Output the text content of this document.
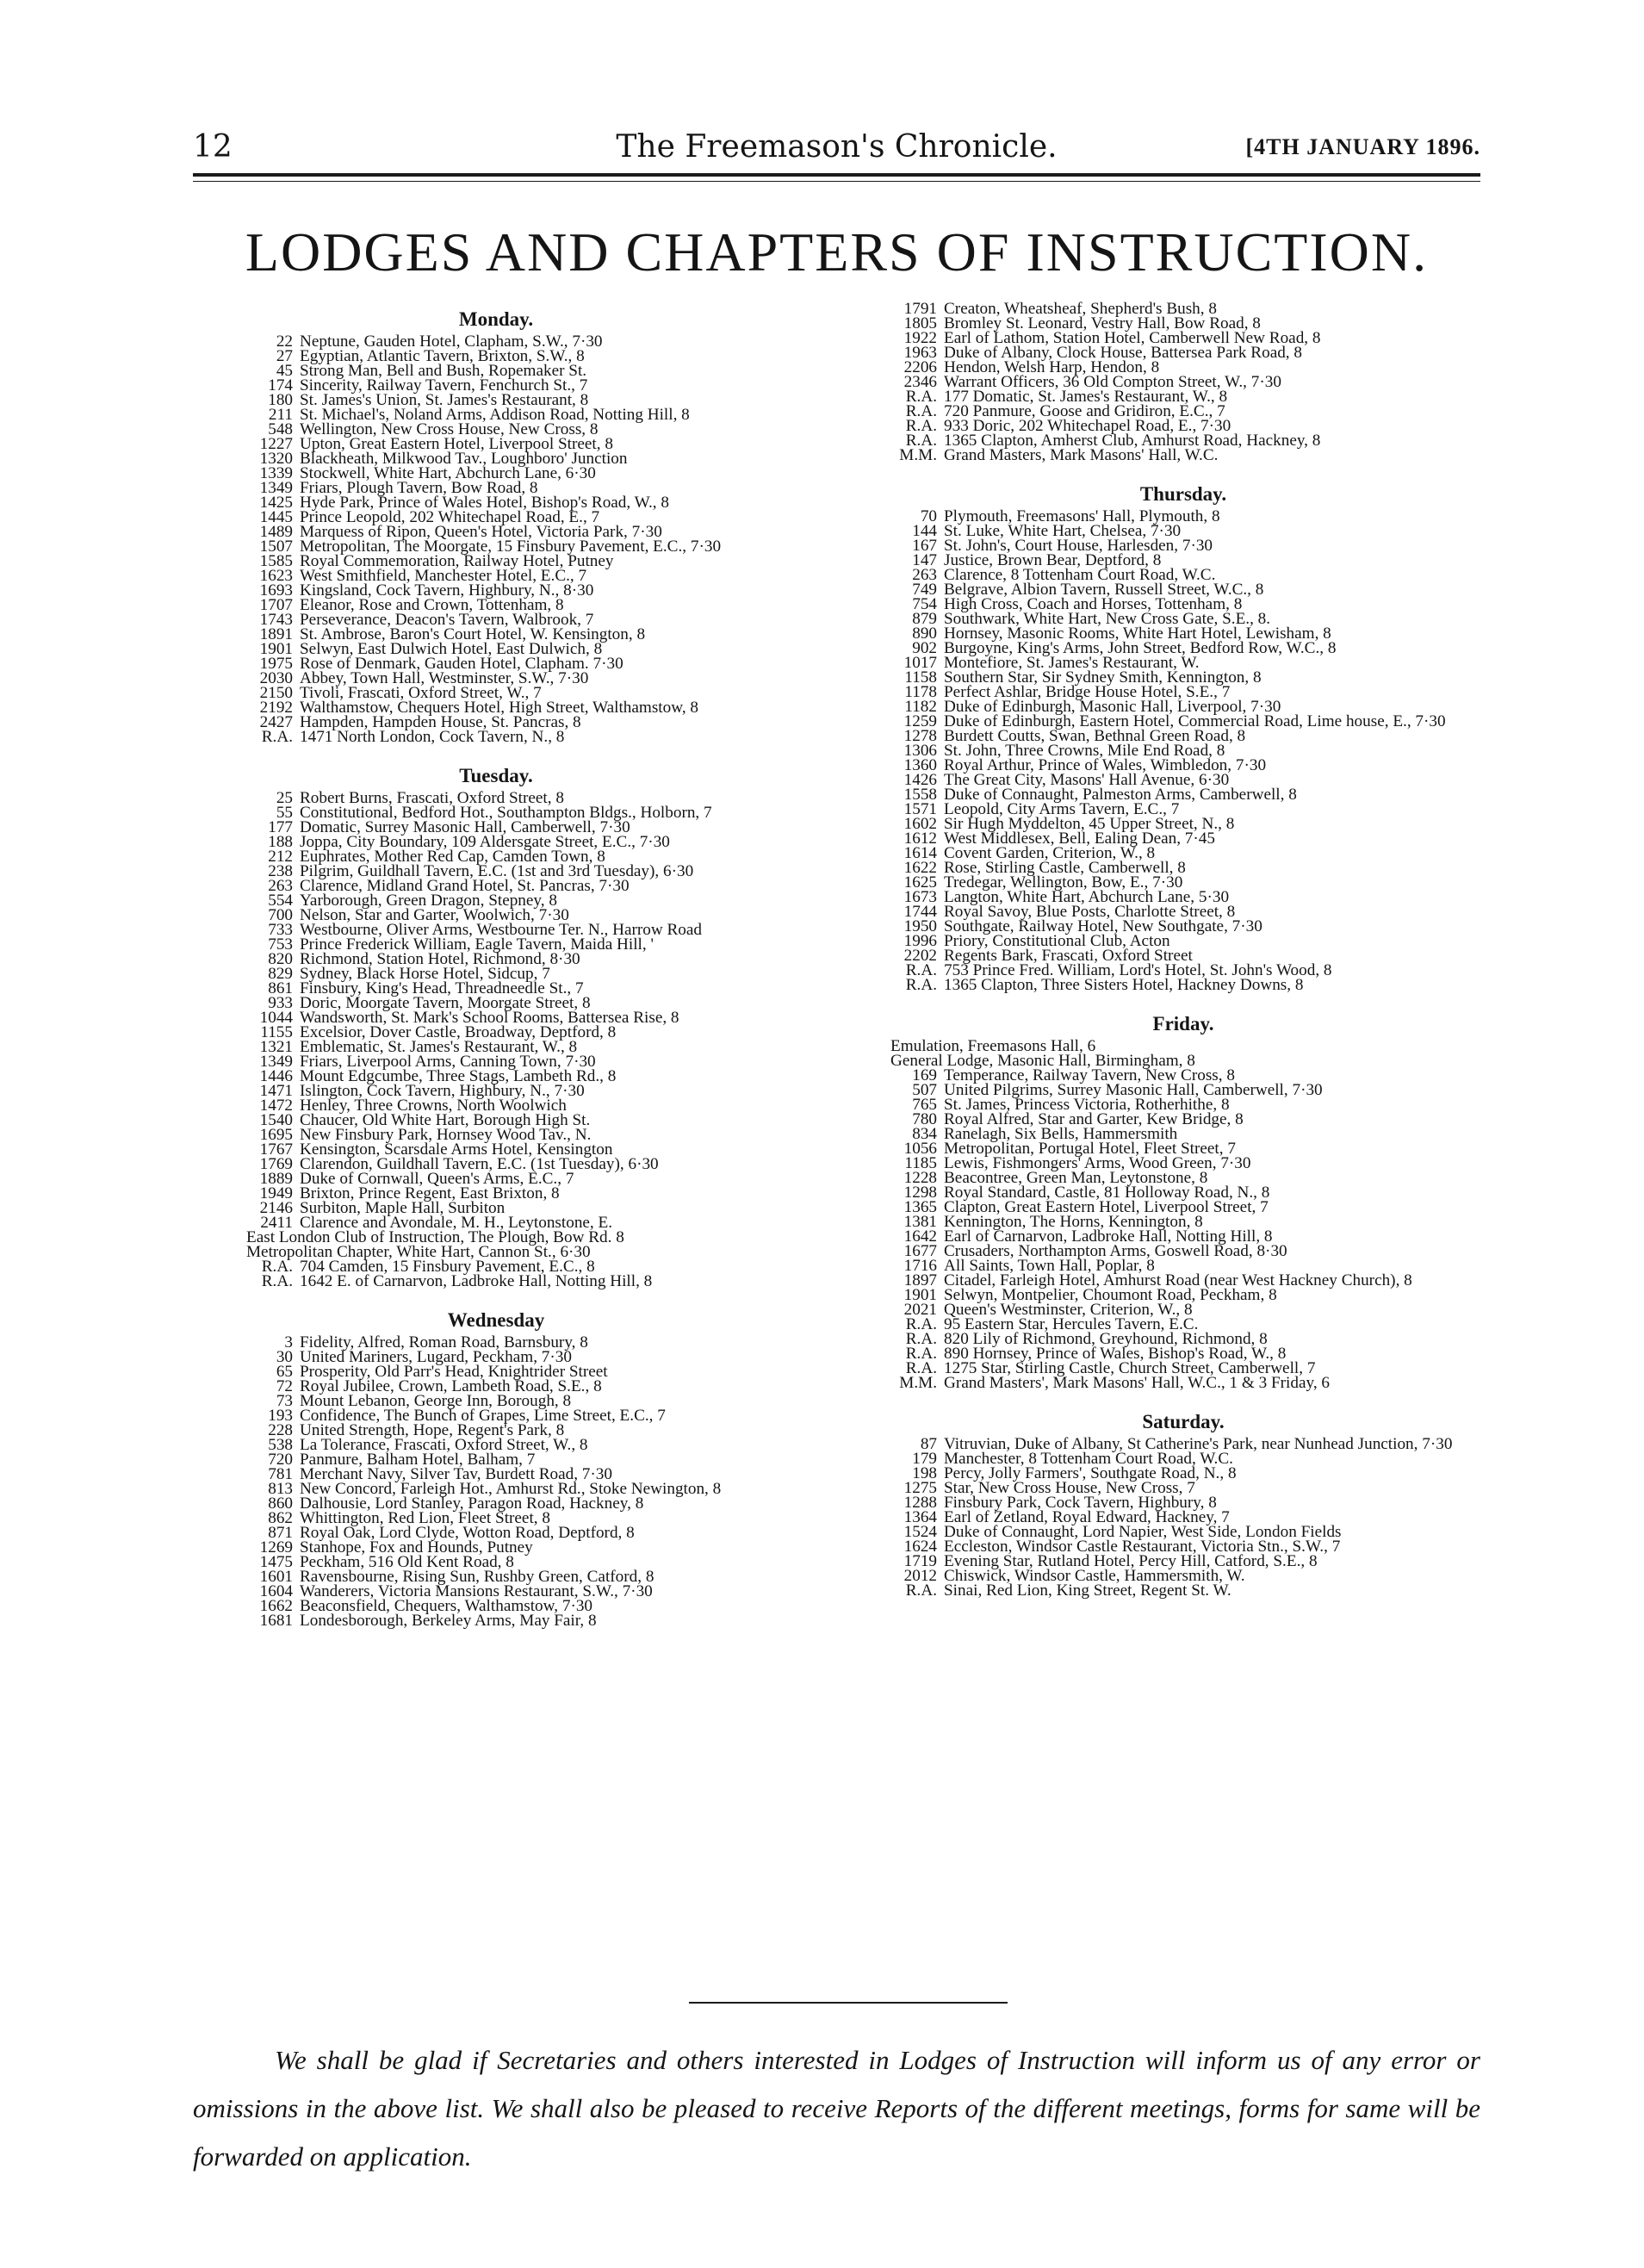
12	The Freemason's Chronicle.	[4TH JANUARY 1896.
LODGES AND CHAPTERS OF INSTRUCTION.
Monday.
22 Neptune, Gauden Hotel, Clapham, S.W., 7·30
27 Egyptian, Atlantic Tavern, Brixton, S.W., 8
45 Strong Man, Bell and Bush, Ropemaker St.
174 Sincerity, Railway Tavern, Fenchurch St., 7
180 St. James's Union, St. James's Restaurant, 8
211 St. Michael's, Noland Arms, Addison Road, Notting Hill, 8
548 Wellington, New Cross House, New Cross, 8
1227 Upton, Great Eastern Hotel, Liverpool Street, 8
1320 Blackheath, Milkwood Tav., Loughboro' Junction
1339 Stockwell, White Hart, Abchurch Lane, 6·30
1349 Friars, Plough Tavern, Bow Road, 8
1425 Hyde Park, Prince of Wales Hotel, Bishop's Road, W., 8
1445 Prince Leopold, 202 Whitechapel Road, E., 7
1489 Marquess of Ripon, Queen's Hotel, Victoria Park, 7·30
1507 Metropolitan, The Moorgate, 15 Finsbury Pavement, E.C., 7·30
1585 Royal Commemoration, Railway Hotel, Putney
1623 West Smithfield, Manchester Hotel, E.C., 7
1693 Kingsland, Cock Tavern, Highbury, N., 8·30
1707 Eleanor, Rose and Crown, Tottenham, 8
1743 Perseverance, Deacon's Tavern, Walbrook, 7
1891 St. Ambrose, Baron's Court Hotel, W. Kensington, 8
1901 Selwyn, East Dulwich Hotel, East Dulwich, 8
1975 Rose of Denmark, Gauden Hotel, Clapham. 7·30
2030 Abbey, Town Hall, Westminster, S.W., 7·30
2150 Tivoli, Frascati, Oxford Street, W., 7
2192 Walthamstow, Chequers Hotel, High Street, Walthamstow, 8
2427 Hampden, Hampden House, St. Pancras, 8
R.A. 1471 North London, Cock Tavern, N., 8
Tuesday.
25 Robert Burns, Frascati, Oxford Street, 8
55 Constitutional, Bedford Hot., Southampton Bldgs., Holborn, 7
177 Domatic, Surrey Masonic Hall, Camberwell, 7·30
188 Joppa, City Boundary, 109 Aldersgate Street, E.C., 7·30
212 Euphrates, Mother Red Cap, Camden Town, 8
238 Pilgrim, Guildhall Tavern, E.C. (1st and 3rd Tuesday), 6·30
263 Clarence, Midland Grand Hotel, St. Pancras, 7·30
554 Yarborough, Green Dragon, Stepney, 8
700 Nelson, Star and Garter, Woolwich, 7·30
733 Westbourne, Oliver Arms, Westbourne Ter. N., Harrow Road
753 Prince Frederick William, Eagle Tavern, Maida Hill, '
820 Richmond, Station Hotel, Richmond, 8·30
829 Sydney, Black Horse Hotel, Sidcup, 7
861 Finsbury, King's Head, Threadneedle St., 7
933 Doric, Moorgate Tavern, Moorgate Street, 8
1044 Wandsworth, St. Mark's School Rooms, Battersea Rise, 8
1155 Excelsior, Dover Castle, Broadway, Deptford, 8
1321 Emblematic, St. James's Restaurant, W., 8
1349 Friars, Liverpool Arms, Canning Town, 7·30
1446 Mount Edgcumbe, Three Stags, Lambeth Rd., 8
1471 Islington, Cock Tavern, Highbury, N., 7·30
1472 Henley, Three Crowns, North Woolwich
1540 Chaucer, Old White Hart, Borough High St.
1695 New Finsbury Park, Hornsey Wood Tav., N.
1767 Kensington, Scarsdale Arms Hotel, Kensington
1769 Clarendon, Guildhall Tavern, E.C. (1st Tuesday), 6·30
1889 Duke of Cornwall, Queen's Arms, E.C., 7
1949 Brixton, Prince Regent, East Brixton, 8
2146 Surbiton, Maple Hall, Surbiton
2411 Clarence and Avondale, M. H., Leytonstone, E.
East London Club of Instruction, The Plough, Bow Rd. 8
Metropolitan Chapter, White Hart, Cannon St., 6·30
R.A. 704 Camden, 15 Finsbury Pavement, E.C., 8
R.A. 1642 E. of Carnarvon, Ladbroke Hall, Notting Hill, 8
Wednesday
3 Fidelity, Alfred, Roman Road, Barnsbury, 8
30 United Mariners, Lugard, Peckham, 7·30
65 Prosperity, Old Parr's Head, Knightrider Street
72 Royal Jubilee, Crown, Lambeth Road, S.E., 8
73 Mount Lebanon, George Inn, Borough, 8
193 Confidence, The Bunch of Grapes, Lime Street, E.C., 7
228 United Strength, Hope, Regent's Park, 8
538 La Tolerance, Frascati, Oxford Street, W., 8
720 Panmure, Balham Hotel, Balham, 7
781 Merchant Navy, Silver Tav, Burdett Road, 7·30
813 New Concord, Farleigh Hot., Amhurst Rd., Stoke Newington, 8
860 Dalhousie, Lord Stanley, Paragon Road, Hackney, 8
862 Whittington, Red Lion, Fleet Street, 8
871 Royal Oak, Lord Clyde, Wotton Road, Deptford, 8
1269 Stanhope, Fox and Hounds, Putney
1475 Peckham, 516 Old Kent Road, 8
1601 Ravensbourne, Rising Sun, Rushby Green, Catford, 8
1604 Wanderers, Victoria Mansions Restaurant, S.W., 7·30
1662 Beaconsfield, Chequers, Walthamstow, 7·30
1681 Londesborough, Berkeley Arms, May Fair, 8
1791 Creaton, Wheatsheaf, Shepherd's Bush, 8
1805 Bromley St. Leonard, Vestry Hall, Bow Road, 8
1922 Earl of Lathom, Station Hotel, Camberwell New Road, 8
1963 Duke of Albany, Clock House, Battersea Park Road, 8
2206 Hendon, Welsh Harp, Hendon, 8
2346 Warrant Officers, 36 Old Compton Street, W., 7·30
R.A. 177 Domatic, St. James's Restaurant, W., 8
R.A. 720 Panmure, Goose and Gridiron, E.C., 7
R.A. 933 Doric, 202 Whitechapel Road, E., 7·30
R.A. 1365 Clapton, Amherst Club, Amhurst Road, Hackney, 8
M.M. Grand Masters, Mark Masons' Hall, W.C.
Thursday.
70 Plymouth, Freemasons' Hall, Plymouth, 8
144 St. Luke, White Hart, Chelsea, 7·30
167 St. John's, Court House, Harlesden, 7·30
147 Justice, Brown Bear, Deptford, 8
263 Clarence, 8 Tottenham Court Road, W.C.
749 Belgrave, Albion Tavern, Russell Street, W.C., 8
754 High Cross, Coach and Horses, Tottenham, 8
879 Southwark, White Hart, New Cross Gate, S.E., 8.
890 Hornsey, Masonic Rooms, White Hart Hotel, Lewisham, 8
902 Burgoyne, King's Arms, John Street, Bedford Row, W.C., 8
1017 Montefiore, St. James's Restaurant, W.
1158 Southern Star, Sir Sydney Smith, Kennington, 8
1178 Perfect Ashlar, Bridge House Hotel, S.E., 7
1182 Duke of Edinburgh, Masonic Hall, Liverpool, 7·30
1259 Duke of Edinburgh, Eastern Hotel, Commercial Road, Lime house, E., 7·30
1278 Burdett Coutts, Swan, Bethnal Green Road, 8
1306 St. John, Three Crowns, Mile End Road, 8
1360 Royal Arthur, Prince of Wales, Wimbledon, 7·30
1426 The Great City, Masons' Hall Avenue, 6·30
1558 Duke of Connaught, Palmeston Arms, Camberwell, 8
1571 Leopold, City Arms Tavern, E.C., 7
1602 Sir Hugh Myddelton, 45 Upper Street, N., 8
1612 West Middlesex, Bell, Ealing Dean, 7·45
1614 Covent Garden, Criterion, W., 8
1622 Rose, Stirling Castle, Camberwell, 8
1625 Tredegar, Wellington, Bow, E., 7·30
1673 Langton, White Hart, Abchurch Lane, 5·30
1744 Royal Savoy, Blue Posts, Charlotte Street, 8
1950 Southgate, Railway Hotel, New Southgate, 7·30
1996 Priory, Constitutional Club, Acton
2202 Regents Bark, Frascati, Oxford Street
R.A. 753 Prince Fred. William, Lord's Hotel, St. John's Wood, 8
R.A. 1365 Clapton, Three Sisters Hotel, Hackney Downs, 8
Friday.
Emulation, Freemasons Hall, 6
General Lodge, Masonic Hall, Birmingham, 8
169 Temperance, Railway Tavern, New Cross, 8
507 United Pilgrims, Surrey Masonic Hall, Camberwell, 7·30
765 St. James, Princess Victoria, Rotherhithe, 8
780 Royal Alfred, Star and Garter, Kew Bridge, 8
834 Ranelagh, Six Bells, Hammersmith
1056 Metropolitan, Portugal Hotel, Fleet Street, 7
1185 Lewis, Fishmongers' Arms, Wood Green, 7·30
1228 Beacontree, Green Man, Leytonstone, 8
1298 Royal Standard, Castle, 81 Holloway Road, N., 8
1365 Clapton, Great Eastern Hotel, Liverpool Street, 7
1381 Kennington, The Horns, Kennington, 8
1642 Earl of Carnarvon, Ladbroke Hall, Notting Hill, 8
1677 Crusaders, Northampton Arms, Goswell Road, 8·30
1716 All Saints, Town Hall, Poplar, 8
1897 Citadel, Farleigh Hotel, Amhurst Road (near West Hackney Church), 8
1901 Selwyn, Montpelier, Choumont Road, Peckham, 8
2021 Queen's Westminster, Criterion, W., 8
R.A. 95 Eastern Star, Hercules Tavern, E.C.
R.A. 820 Lily of Richmond, Greyhound, Richmond, 8
R.A. 890 Hornsey, Prince of Wales, Bishop's Road, W., 8
R.A. 1275 Star, Stirling Castle, Church Street, Camberwell, 7
M.M. Grand Masters', Mark Masons' Hall, W.C., 1 & 3 Friday, 6
Saturday.
87 Vitruvian, Duke of Albany, St Catherine's Park, near Nunhead Junction, 7·30
179 Manchester, 8 Tottenham Court Road, W.C.
198 Percy, Jolly Farmers', Southgate Road, N., 8
1275 Star, New Cross House, New Cross, 7
1288 Finsbury Park, Cock Tavern, Highbury, 8
1364 Earl of Zetland, Royal Edward, Hackney, 7
1524 Duke of Connaught, Lord Napier, West Side, London Fields
1624 Eccleston, Windsor Castle Restaurant, Victoria Stn., S.W., 7
1719 Evening Star, Rutland Hotel, Percy Hill, Catford, S.E., 8
2012 Chiswick, Windsor Castle, Hammersmith, W.
R.A. Sinai, Red Lion, King Street, Regent St. W.

We shall be glad if Secretaries and others interested in Lodges of Instruction will inform us of any error or omissions in the above list. We shall also be pleased to receive Reports of the different meetings, forms for same will be forwarded on application.
